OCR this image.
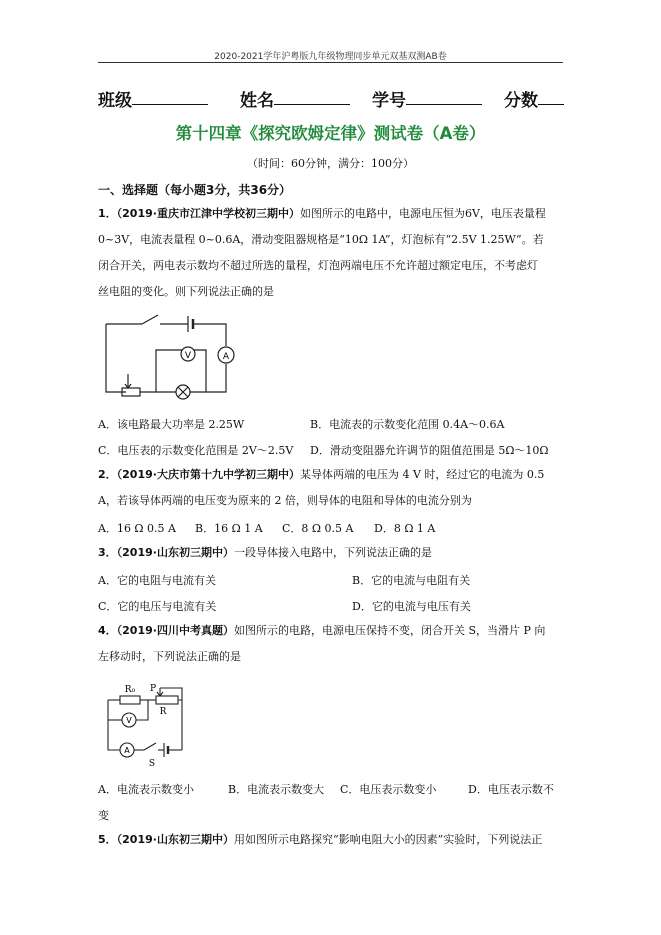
2020-2021学年沪粤版九年级物理同步单元双基双测AB卷
班级	姓名	学号	分数
第十四章《探究欧姆定律》测试卷（A卷）
（时间：60分钟，满分：100分）
一、选择题（每小题3分，共36分）
1．（2019·重庆市江津中学校初三期中）如图所示的电路中，电源电压恒为6V，电压表量程
0~3V，电流表量程 0~0.6A，滑动变阻器规格是“10Ω 1A”，灯泡标有“2.5V 1.25W”。若
闭合开关，两电表示数均不超过所选的量程，灯泡两端电压不允许超过额定电压，不考虑灯
丝电阻的变化。则下列说法正确的是
V	A
A．该电路最大功率是 2.25W	B．电流表的示数变化范围 0.4A～0.6A
C．电压表的示数变化范围是 2V～2.5V D．滑动变阻器允许调节的阻值范围是 5Ω～10Ω
2．（2019·大庆市第十九中学初三期中）某导体两端的电压为 4 V 时，经过它的电流为 0.5
A，若该导体两端的电压变为原来的 2 倍，则导体的电阻和导体的电流分别为
A．16 Ω 0.5 A B．16 Ω 1 A C．8 Ω 0.5 A D．8 Ω 1 A
3．（2019·山东初三期中）一段导体接入电路中，下列说法正确的是
A．它的电阻与电流有关	B．它的电流与电阻有关
C．它的电压与电流有关	D．它的电流与电压有关
4．（2019·四川中考真题）如图所示的电路，电源电压保持不变，闭合开关 S，当滑片 P 向
左移动时，下列说法正确的是
R₀ P
R
V
A
S
A．电流表示数变小	B．电流表示数变大 C．电压表示数变小	D．电压表示数不
变
5．（2019·山东初三期中）用如图所示电路探究“影响电阻大小的因素”实验时，下列说法正
